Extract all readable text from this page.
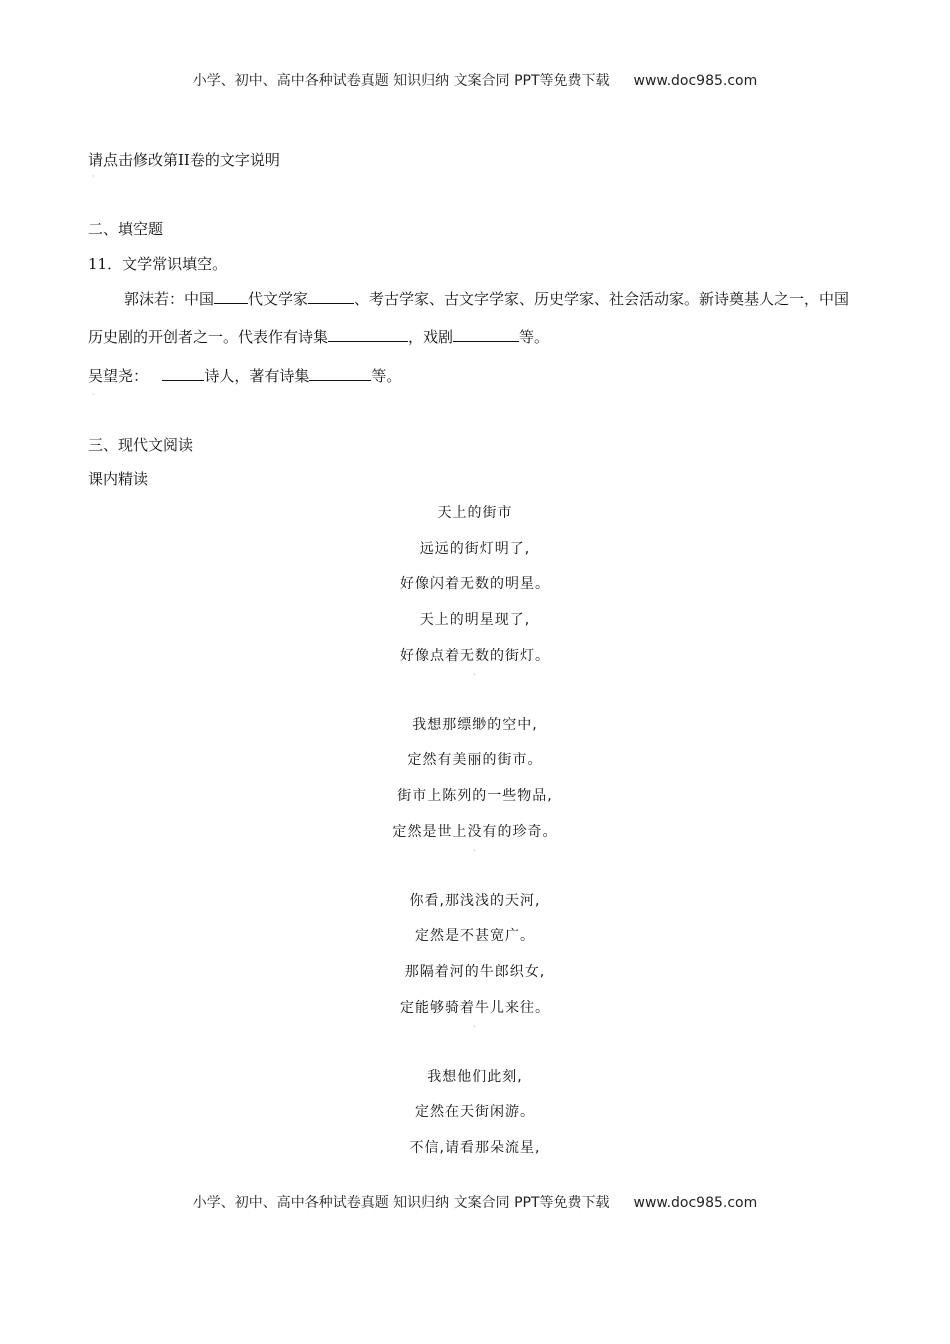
小学、初中、高中各种试卷真题 知识归纳 文案合同 PPT等免费下载 www.doc985.com
请点击修改第II卷的文字说明
·
二、填空题
11．文学常识填空。
郭沫若：中国 代文学家	、考古学家、古文字学家、历史学家、社会活动家。新诗奠基人之一，中国历史剧的开创者之一。代表作有诗集	，戏剧	等。
吴望尧：	诗人，著有诗集	等。
·
三、现代文阅读
课内精读
天上的街市
远远的街灯明了,
好像闪着无数的明星。
天上的明星现了,
好像点着无数的街灯。
·
我想那缥缈的空中,
定然有美丽的街市。
街市上陈列的一些物品,
定然是世上没有的珍奇。
·
你看,那浅浅的天河,
定然是不甚宽广。
那隔着河的牛郎织女,
定能够骑着牛儿来往。
·
我想他们此刻,
定然在天街闲游。
不信,请看那朵流星,
小学、初中、高中各种试卷真题 知识归纳 文案合同 PPT等免费下载 www.doc985.com
